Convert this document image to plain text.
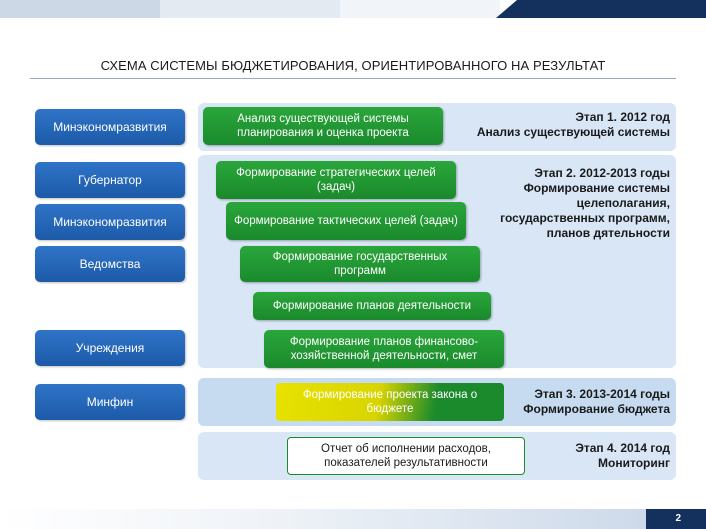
СХЕМА СИСТЕМЫ БЮДЖЕТИРОВАНИЯ, ОРИЕНТИРОВАННОГО НА РЕЗУЛЬТАТ
Минэкономразвития
Губернатор
Минэкономразвития
Ведомства
Учреждения
Минфин
Анализ существующей системы планирования и оценка проекта
Формирование стратегических целей (задач)
Формирование тактических целей (задач)
Формирование государственных программ
Формирование планов деятельности
Формирование планов финансово-хозяйственной деятельности, смет
Формирование проекта закона о бюджете
Отчет об исполнении расходов, показателей результативности
Этап 1. 2012 год
Анализ существующей системы
Этап 2. 2012-2013 годы
Формирование системы целеполагания, государственных программ, планов дятельности
Этап 3. 2013-2014 годы
Формирование бюджета
Этап 4. 2014 год
Мониторинг
2
